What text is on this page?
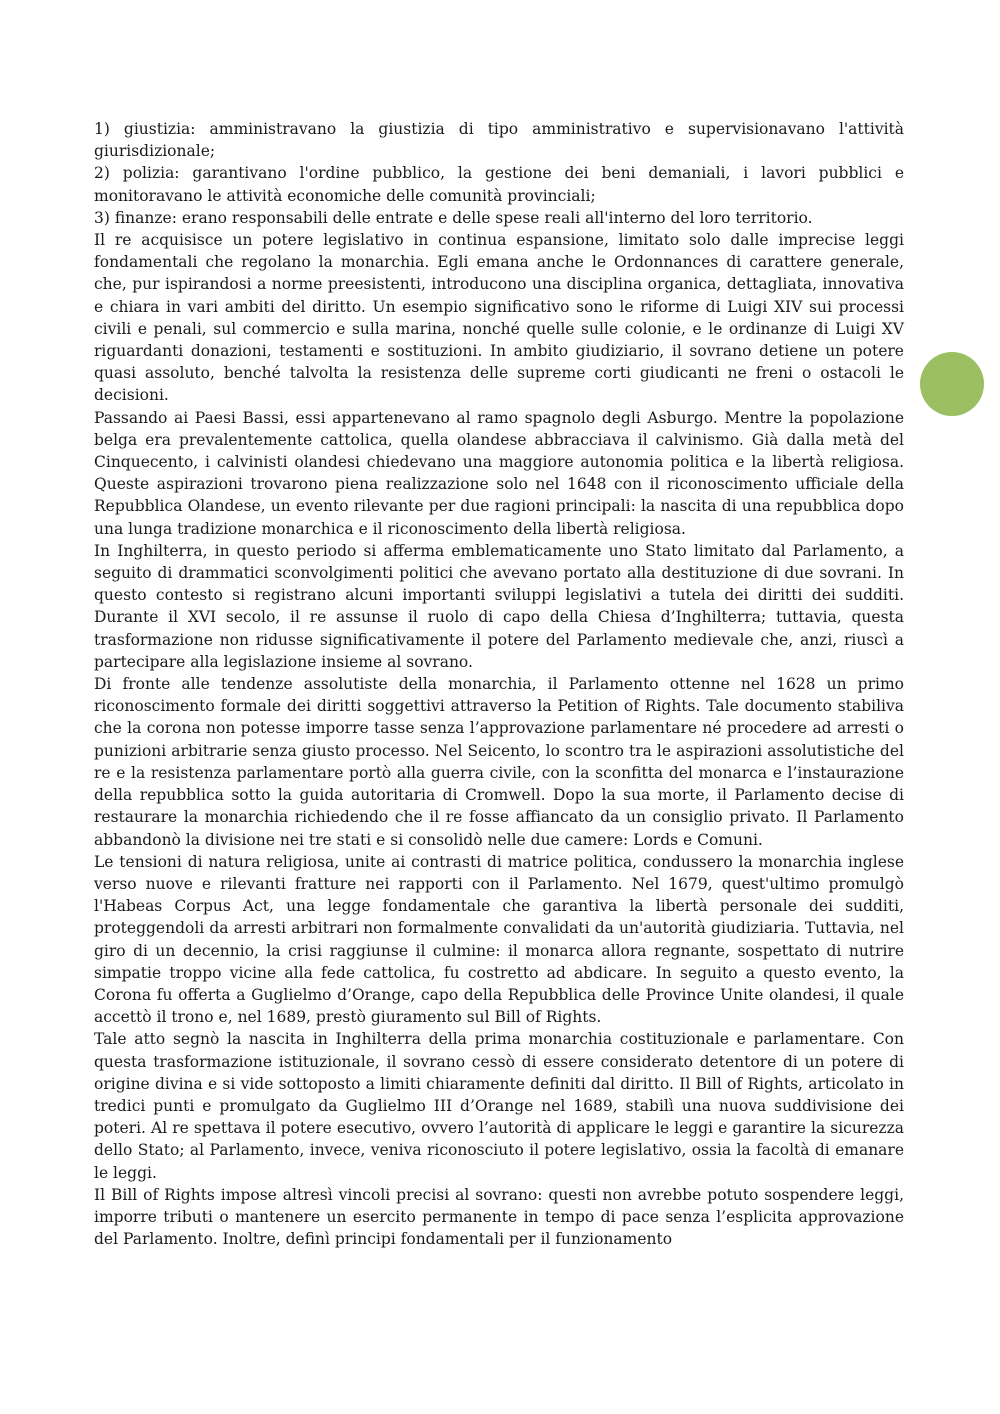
1) giustizia: amministravano la giustizia di tipo amministrativo e supervisionavano l'attività giurisdizionale;

2) polizia: garantivano l'ordine pubblico, la gestione dei beni demaniali, i lavori pubblici e monitoravano le attività economiche delle comunità provinciali;

3) finanze: erano responsabili delle entrate e delle spese reali all'interno del loro territorio.

Il re acquisisce un potere legislativo in continua espansione, limitato solo dalle imprecise leggi fondamentali che regolano la monarchia. Egli emana anche le Ordonnances di carattere generale, che, pur ispirandosi a norme preesistenti, introducono una disciplina organica, dettagliata, innovativa e chiara in vari ambiti del diritto. Un esempio significativo sono le riforme di Luigi XIV sui processi civili e penali, sul commercio e sulla marina, nonché quelle sulle colonie, e le ordinanze di Luigi XV riguardanti donazioni, testamenti e sostituzioni. In ambito giudiziario, il sovrano detiene un potere quasi assoluto, benché talvolta la resistenza delle supreme corti giudicanti ne freni o ostacoli le decisioni.

Passando ai Paesi Bassi, essi appartenevano al ramo spagnolo degli Asburgo. Mentre la popolazione belga era prevalentemente cattolica, quella olandese abbracciava il calvinismo. Già dalla metà del Cinquecento, i calvinisti olandesi chiedevano una maggiore autonomia politica e la libertà religiosa. Queste aspirazioni trovarono piena realizzazione solo nel 1648 con il riconoscimento ufficiale della Repubblica Olandese, un evento rilevante per due ragioni principali: la nascita di una repubblica dopo una lunga tradizione monarchica e il riconoscimento della libertà religiosa.

In Inghilterra, in questo periodo si afferma emblematicamente uno Stato limitato dal Parlamento, a seguito di drammatici sconvolgimenti politici che avevano portato alla destituzione di due sovrani. In questo contesto si registrano alcuni importanti sviluppi legislativi a tutela dei diritti dei sudditi. Durante il XVI secolo, il re assunse il ruolo di capo della Chiesa d’Inghilterra; tuttavia, questa trasformazione non ridusse significativamente il potere del Parlamento medievale che, anzi, riuscì a partecipare alla legislazione insieme al sovrano.

Di fronte alle tendenze assolutiste della monarchia, il Parlamento ottenne nel 1628 un primo riconoscimento formale dei diritti soggettivi attraverso la Petition of Rights. Tale documento stabiliva che la corona non potesse imporre tasse senza l’approvazione parlamentare né procedere ad arresti o punizioni arbitrarie senza giusto processo. Nel Seicento, lo scontro tra le aspirazioni assolutistiche del re e la resistenza parlamentare portò alla guerra civile, con la sconfitta del monarca e l’instaurazione della repubblica sotto la guida autoritaria di Cromwell. Dopo la sua morte, il Parlamento decise di restaurare la monarchia richiedendo che il re fosse affiancato da un consiglio privato. Il Parlamento abbandonò la divisione nei tre stati e si consolidò nelle due camere: Lords e Comuni.

Le tensioni di natura religiosa, unite ai contrasti di matrice politica, condussero la monarchia inglese verso nuove e rilevanti fratture nei rapporti con il Parlamento. Nel 1679, quest'ultimo promulgò l'Habeas Corpus Act, una legge fondamentale che garantiva la libertà personale dei sudditi, proteggendoli da arresti arbitrari non formalmente convalidati da un'autorità giudiziaria. Tuttavia, nel giro di un decennio, la crisi raggiunse il culmine: il monarca allora regnante, sospettato di nutrire simpatie troppo vicine alla fede cattolica, fu costretto ad abdicare. In seguito a questo evento, la Corona fu offerta a Guglielmo d’Orange, capo della Repubblica delle Province Unite olandesi, il quale accettò il trono e, nel 1689, prestò giuramento sul Bill of Rights.

Tale atto segnò la nascita in Inghilterra della prima monarchia costituzionale e parlamentare. Con questa trasformazione istituzionale, il sovrano cessò di essere considerato detentore di un potere di origine divina e si vide sottoposto a limiti chiaramente definiti dal diritto. Il Bill of Rights, articolato in tredici punti e promulgato da Guglielmo III d’Orange nel 1689, stabilì una nuova suddivisione dei poteri. Al re spettava il potere esecutivo, ovvero l’autorità di applicare le leggi e garantire la sicurezza dello Stato; al Parlamento, invece, veniva riconosciuto il potere legislativo, ossia la facoltà di emanare le leggi.

Il Bill of Rights impose altresì vincoli precisi al sovrano: questi non avrebbe potuto sospendere leggi, imporre tributi o mantenere un esercito permanente in tempo di pace senza l’esplicita approvazione del Parlamento. Inoltre, definì principi fondamentali per il funzionamento
